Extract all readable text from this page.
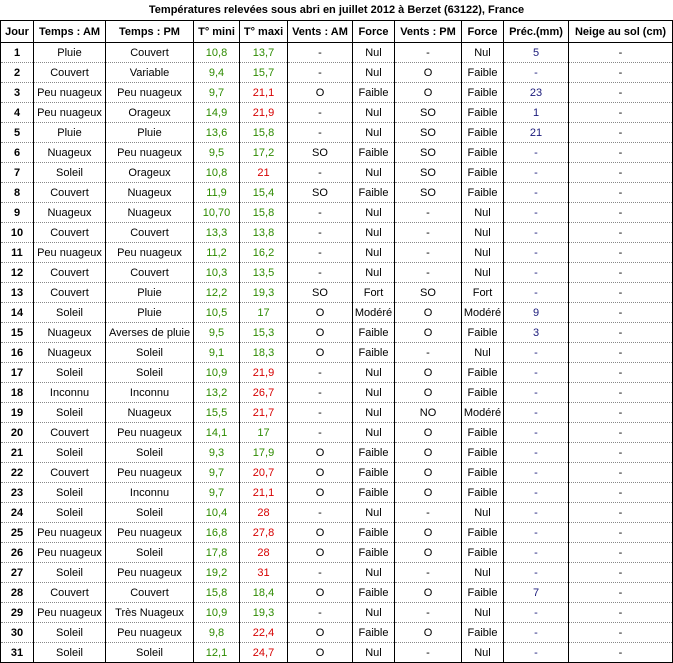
Températures relevées sous abri en juillet 2012 à Berzet (63122), France
Jour	Temps : AM	Temps : PM	T° mini	T° maxi	Vents : AM	Force	Vents : PM	Force	Préc.(mm)	Neige au sol (cm)
1	Pluie	Couvert	10,8	13,7	-	Nul	-	Nul	5	-
2	Couvert	Variable	9,4	15,7	-	Nul	O	Faible	-	-
3	Peu nuageux	Peu nuageux	9,7	21,1	O	Faible	O	Faible	23	-
4	Peu nuageux	Orageux	14,9	21,9	-	Nul	SO	Faible	1	-
5	Pluie	Pluie	13,6	15,8	-	Nul	SO	Faible	21	-
6	Nuageux	Peu nuageux	9,5	17,2	SO	Faible	SO	Faible	-	-
7	Soleil	Orageux	10,8	21	-	Nul	SO	Faible	-	-
8	Couvert	Nuageux	11,9	15,4	SO	Faible	SO	Faible	-	-
9	Nuageux	Nuageux	10,70	15,8	-	Nul	-	Nul	-	-
10	Couvert	Couvert	13,3	13,8	-	Nul	-	Nul	-	-
11	Peu nuageux	Peu nuageux	11,2	16,2	-	Nul	-	Nul	-	-
12	Couvert	Couvert	10,3	13,5	-	Nul	-	Nul	-	-
13	Couvert	Pluie	12,2	19,3	SO	Fort	SO	Fort	-	-
14	Soleil	Pluie	10,5	17	O	Modéré	O	Modéré	9	-
15	Nuageux	Averses de pluie	9,5	15,3	O	Faible	O	Faible	3	-
16	Nuageux	Soleil	9,1	18,3	O	Faible	-	Nul	-	-
17	Soleil	Soleil	10,9	21,9	-	Nul	O	Faible	-	-
18	Inconnu	Inconnu	13,2	26,7	-	Nul	O	Faible	-	-
19	Soleil	Nuageux	15,5	21,7	-	Nul	NO	Modéré	-	-
20	Couvert	Peu nuageux	14,1	17	-	Nul	O	Faible	-	-
21	Soleil	Soleil	9,3	17,9	O	Faible	O	Faible	-	-
22	Couvert	Peu nuageux	9,7	20,7	O	Faible	O	Faible	-	-
23	Soleil	Inconnu	9,7	21,1	O	Faible	O	Faible	-	-
24	Soleil	Soleil	10,4	28	-	Nul	-	Nul	-	-
25	Peu nuageux	Peu nuageux	16,8	27,8	O	Faible	O	Faible	-	-
26	Peu nuageux	Soleil	17,8	28	O	Faible	O	Faible	-	-
27	Soleil	Peu nuageux	19,2	31	-	Nul	-	Nul	-	-
28	Couvert	Couvert	15,8	18,4	O	Faible	O	Faible	7	-
29	Peu nuageux	Très Nuageux	10,9	19,3	-	Nul	-	Nul	-	-
30	Soleil	Peu nuageux	9,8	22,4	O	Faible	O	Faible	-	-
31	Soleil	Soleil	12,1	24,7	O	Nul	-	Nul	-	-
